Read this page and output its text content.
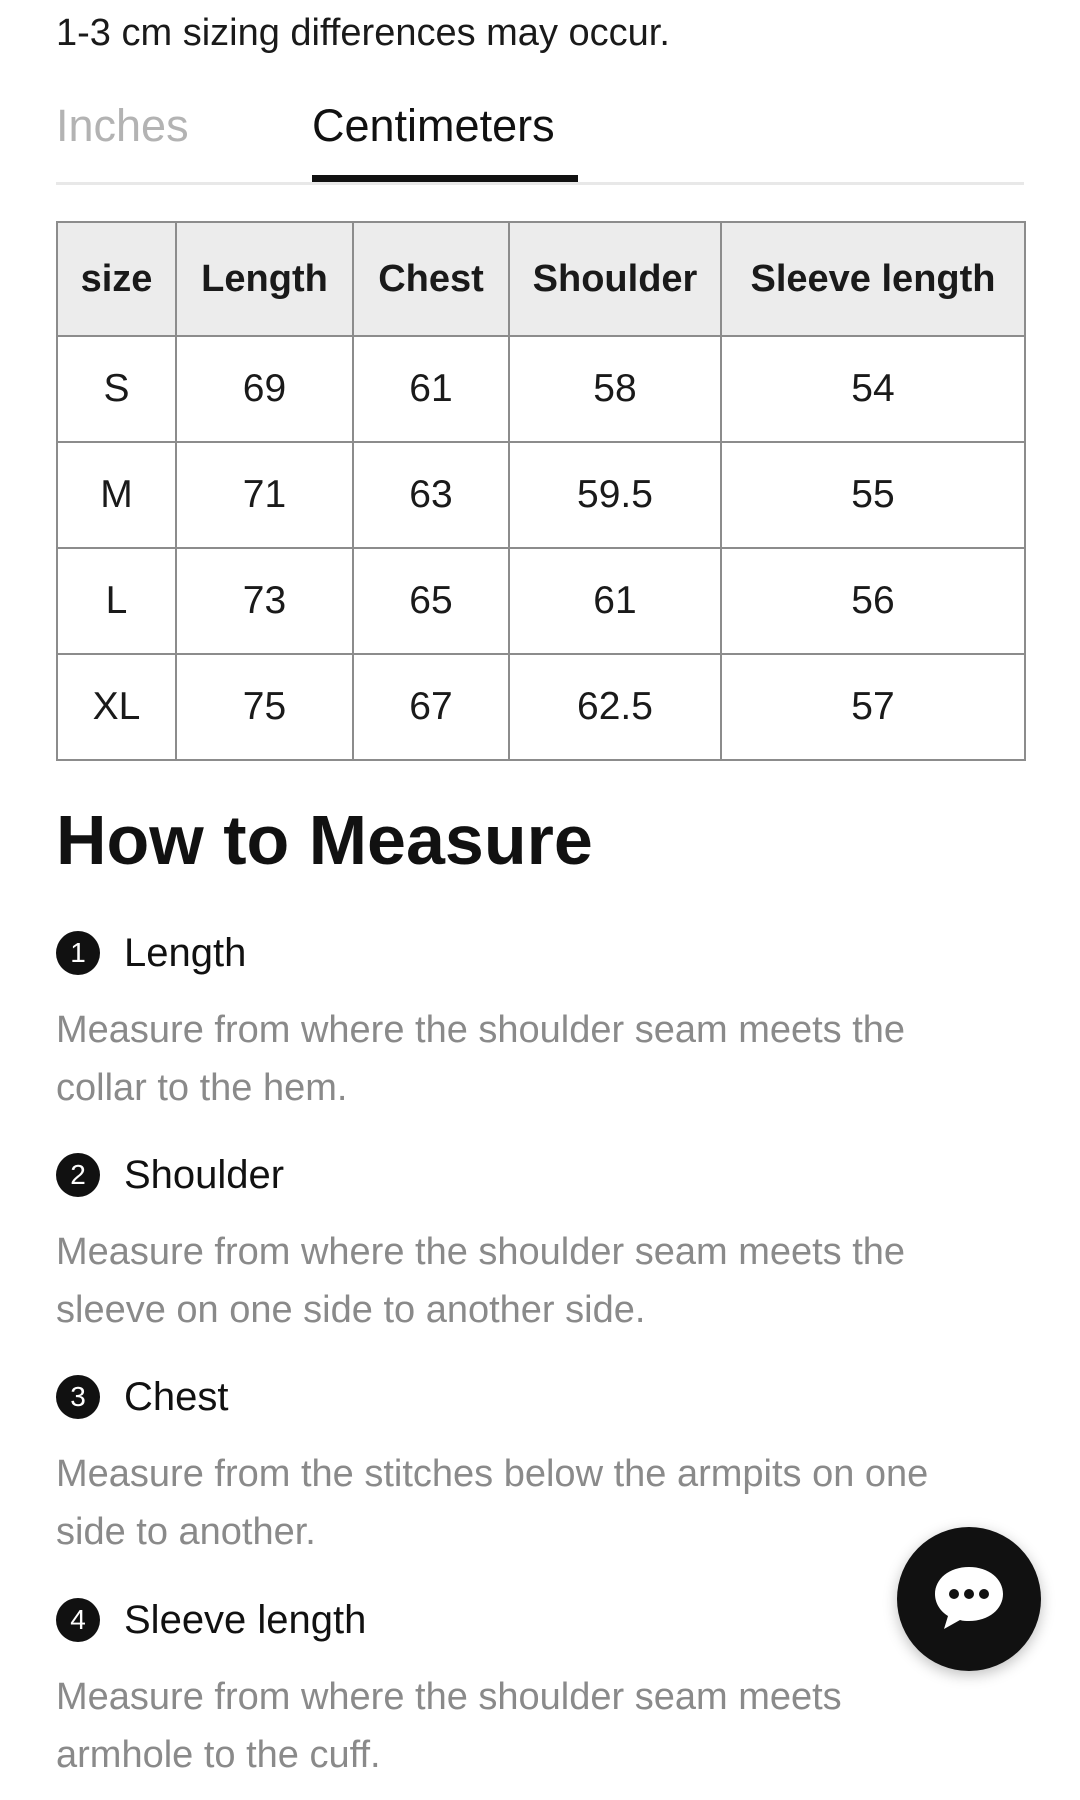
1-3 cm sizing differences may occur.
Inches	Centimeters
size	Length	Chest	Shoulder	Sleeve length
S	69	61	58	54
M	71	63	59.5	55
L	73	65	61	56
XL	75	67	62.5	57
How to Measure
1 Length
Measure from where the shoulder seam meets the collar to the hem.
2 Shoulder
Measure from where the shoulder seam meets the sleeve on one side to another side.
3 Chest
Measure from the stitches below the armpits on one side to another.
4 Sleeve length
Measure from where the shoulder seam meets armhole to the cuff.
